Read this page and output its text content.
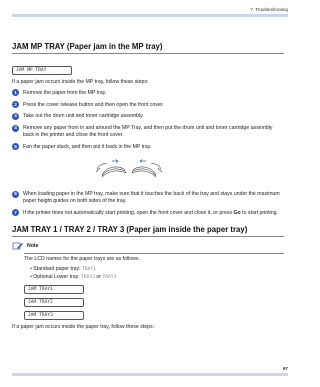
7. Troubleshooting
JAM MP TRAY (Paper jam in the MP tray)
JAM MP TRAY

If a paper jam occurs inside the MP tray, follow these steps:

1	Remove the paper from the MP tray.
2	Press the cover release button and then open the front cover.
3	Take out the drum unit and toner cartridge assembly.
4	Remove any paper from in and around the MP Tray, and then put the drum unit and toner cartridge assembly back in the printer and close the front cover.
5	Fan the paper stack, and then put it back in the MP tray.
6	When loading paper in the MP tray, make sure that it touches the back of the tray and stays under the maximum paper height guides on both sides of the tray.
7	If the printer does not automatically start printing, open the front cover and close it, or press Go to start printing.
JAM TRAY 1 / TRAY 2 / TRAY 3 (Paper jam inside the paper tray)
Note

The LCD names for the paper trays are as follows.

• Standard paper tray: TRAY1
• Optional Lower tray: TRAY2 or TRAY3
JAM TRAY1
JAM TRAY2
JAM TRAY3

If a paper jam occurs inside the paper tray, follow these steps:

97
